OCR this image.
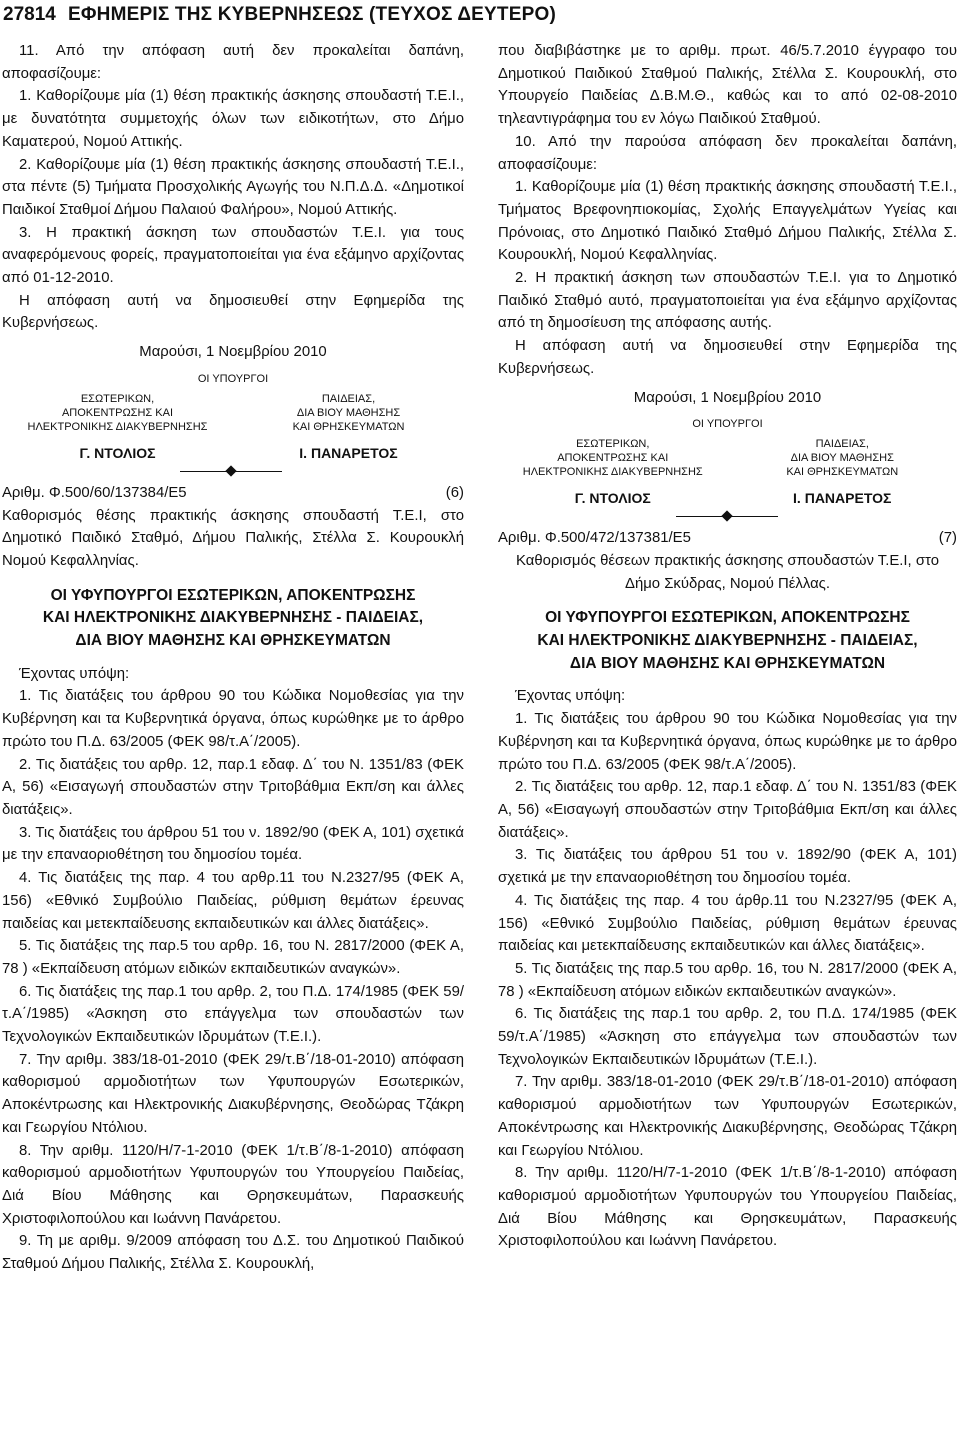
27814 ΕΦΗΜΕΡΙΣ ΤΗΣ ΚΥΒΕΡΝΗΣΕΩΣ (ΤΕΥΧΟΣ ΔΕΥΤΕΡΟ)

11. Από την απόφαση αυτή δεν προκαλείται δαπάνη, αποφασίζουμε:

1. Καθορίζουμε μία (1) θέση πρακτικής άσκησης σπουδαστή Τ.Ε.Ι., με δυνατότητα συμμετοχής όλων των ειδικοτήτων, στο Δήμο Καματερού, Νομού Αττικής.

2. Καθορίζουμε μία (1) θέση πρακτικής άσκησης σπουδαστή Τ.Ε.Ι., στα πέντε (5) Τμήματα Προσχολικής Αγωγής του Ν.Π.Δ.Δ. «Δημοτικοί Παιδικοί Σταθμοί Δήμου Παλαιού Φαλήρου», Νομού Αττικής.

3. Η πρακτική άσκηση των σπουδαστών Τ.Ε.Ι. για τους αναφερόμενους φορείς, πραγματοποιείται για ένα εξάμηνο αρχίζοντας από 01-12-2010.

Η απόφαση αυτή να δημοσιευθεί στην Εφημερίδα της Κυβερνήσεως.

Μαρούσι, 1 Νοεμβρίου 2010
ΟΙ ΥΠΟΥΡΓΟΙ
ΕΣΩΤΕΡΙΚΩΝ,
ΑΠΟΚΕΝΤΡΩΣΗΣ ΚΑΙ
ΗΛΕΚΤΡΟΝΙΚΗΣ ΔΙΑΚΥΒΕΡΝΗΣΗΣ
Γ. ΝΤΟΛΙΟΣ
ΠΑΙΔΕΙΑΣ,
ΔΙΑ ΒΙΟΥ ΜΑΘΗΣΗΣ
ΚΑΙ ΘΡΗΣΚΕΥΜΑΤΩΝ
Ι. ΠΑΝΑΡΕΤΟΣ
Αριθμ. Φ.500/60/137384/Ε5	(6)

Καθορισμός θέσης πρακτικής άσκησης σπουδαστή Τ.Ε.Ι, στο Δημοτικό Παιδικό Σταθμό, Δήμου Παλικής, Στέλλα Σ. Κουρουκλή Νομού Κεφαλληνίας.

ΟΙ ΥΦΥΠΟΥΡΓΟΙ ΕΣΩΤΕΡΙΚΩΝ, ΑΠΟΚΕΝΤΡΩΣΗΣ
ΚΑΙ ΗΛΕΚΤΡΟΝΙΚΗΣ ΔΙΑΚΥΒΕΡΝΗΣΗΣ - ΠΑΙΔΕΙΑΣ,
ΔΙΑ ΒΙΟΥ ΜΑΘΗΣΗΣ ΚΑΙ ΘΡΗΣΚΕΥΜΑΤΩΝ

Έχοντας υπόψη:

1. Τις διατάξεις του άρθρου 90 του Κώδικα Νομοθεσίας για την Κυβέρνηση και τα Κυβερνητικά όργανα, όπως κυρώθηκε με το άρθρο πρώτο του Π.Δ. 63/2005 (ΦΕΚ 98/τ.Α΄/2005).

2. Τις διατάξεις του αρθρ. 12, παρ.1 εδαφ. Δ΄ του Ν. 1351/83 (ΦΕΚ Α, 56) «Εισαγωγή σπουδαστών στην Τριτοβάθμια Εκπ/ση και άλλες διατάξεις».

3. Τις διατάξεις του άρθρου 51 του ν. 1892/90 (ΦΕΚ Α, 101) σχετικά με την επαναοριοθέτηση του δημοσίου τομέα.

4. Τις διατάξεις της παρ. 4 του αρθρ.11 του Ν.2327/95 (ΦΕΚ Α, 156) «Εθνικό Συμβούλιο Παιδείας, ρύθμιση θεμάτων έρευνας παιδείας και μετεκπαίδευσης εκπαιδευτικών και άλλες διατάξεις».

5. Τις διατάξεις της παρ.5 του αρθρ. 16, του Ν. 2817/2000 (ΦΕΚ Α, 78 ) «Εκπαίδευση ατόμων ειδικών εκπαιδευτικών αναγκών».

6. Τις διατάξεις της παρ.1 του αρθρ. 2, του Π.Δ. 174/1985 (ΦΕΚ 59/τ.Α΄/1985) «Άσκηση στο επάγγελμα των σπουδαστών των Τεχνολογικών Εκπαιδευτικών Ιδρυμάτων (Τ.Ε.Ι.).

7. Την αριθμ. 383/18-01-2010 (ΦΕΚ 29/τ.Β΄/18-01-2010) απόφαση καθορισμού αρμοδιοτήτων των Υφυπουργών Εσωτερικών, Αποκέντρωσης και Ηλεκτρονικής Διακυβέρνησης, Θεοδώρας Τζάκρη και Γεωργίου Ντόλιου.

8. Την αριθμ. 1120/Η/7-1-2010 (ΦΕΚ 1/τ.Β΄/8-1-2010) απόφαση καθορισμού αρμοδιοτήτων Υφυπουργών του Υπουργείου Παιδείας, Διά Βίου Μάθησης και Θρησκευμάτων, Παρασκευής Χριστοφιλοπούλου και Ιωάννη Πανάρετου.

9. Τη με αριθμ. 9/2009 απόφαση του Δ.Σ. του Δημοτικού Παιδικού Σταθμού Δήμου Παλικής, Στέλλα Σ. Κουρουκλή,

που διαβιβάστηκε με το αριθμ. πρωτ. 46/5.7.2010 έγγραφο του Δημοτικού Παιδικού Σταθμού Παλικής, Στέλλα Σ. Κουρουκλή, στο Υπουργείο Παιδείας Δ.Β.Μ.Θ., καθώς και το από 02-08-2010 τηλεαντιγράφημα του εν λόγω Παιδικού Σταθμού.

10. Από την παρούσα απόφαση δεν προκαλείται δαπάνη, αποφασίζουμε:

1. Καθορίζουμε μία (1) θέση πρακτικής άσκησης σπουδαστή Τ.Ε.Ι., Τμήματος Βρεφονηπιοκομίας, Σχολής Επαγγελμάτων Υγείας και Πρόνοιας, στο Δημοτικό Παιδικό Σταθμό Δήμου Παλικής, Στέλλα Σ. Κουρουκλή, Νομού Κεφαλληνίας.

2. Η πρακτική άσκηση των σπουδαστών Τ.Ε.Ι. για το Δημοτικό Παιδικό Σταθμό αυτό, πραγματοποιείται για ένα εξάμηνο αρχίζοντας από τη δημοσίευση της απόφασης αυτής.

Η απόφαση αυτή να δημοσιευθεί στην Εφημερίδα της Κυβερνήσεως.

Μαρούσι, 1 Νοεμβρίου 2010
ΟΙ ΥΠΟΥΡΓΟΙ
ΕΣΩΤΕΡΙΚΩΝ,
ΑΠΟΚΕΝΤΡΩΣΗΣ ΚΑΙ
ΗΛΕΚΤΡΟΝΙΚΗΣ ΔΙΑΚΥΒΕΡΝΗΣΗΣ
Γ. ΝΤΟΛΙΟΣ
ΠΑΙΔΕΙΑΣ,
ΔΙΑ ΒΙΟΥ ΜΑΘΗΣΗΣ
ΚΑΙ ΘΡΗΣΚΕΥΜΑΤΩΝ
Ι. ΠΑΝΑΡΕΤΟΣ
Αριθμ. Φ.500/472/137381/Ε5	(7)

Καθορισμός θέσεων πρακτικής άσκησης σπουδαστών Τ.Ε.Ι, στο Δήμο Σκύδρας, Νομού Πέλλας.

ΟΙ ΥΦΥΠΟΥΡΓΟΙ ΕΣΩΤΕΡΙΚΩΝ, ΑΠΟΚΕΝΤΡΩΣΗΣ
ΚΑΙ ΗΛΕΚΤΡΟΝΙΚΗΣ ΔΙΑΚΥΒΕΡΝΗΣΗΣ - ΠΑΙΔΕΙΑΣ,
ΔΙΑ ΒΙΟΥ ΜΑΘΗΣΗΣ ΚΑΙ ΘΡΗΣΚΕΥΜΑΤΩΝ

Έχοντας υπόψη:

1. Τις διατάξεις του άρθρου 90 του Κώδικα Νομοθεσίας για την Κυβέρνηση και τα Κυβερνητικά όργανα, όπως κυρώθηκε με το άρθρο πρώτο του Π.Δ. 63/2005 (ΦΕΚ 98/τ.Α΄/2005).

2. Τις διατάξεις του αρθρ. 12, παρ.1 εδαφ. Δ΄ του Ν. 1351/83 (ΦΕΚ Α, 56) «Εισαγωγή σπουδαστών στην Τριτοβάθμια Εκπ/ση και άλλες διατάξεις».

3. Τις διατάξεις του άρθρου 51 του ν. 1892/90 (ΦΕΚ Α, 101) σχετικά με την επαναοριοθέτηση του δημοσίου τομέα.

4. Τις διατάξεις της παρ. 4 του άρθρ.11 του Ν.2327/95 (ΦΕΚ Α, 156) «Εθνικό Συμβούλιο Παιδείας, ρύθμιση θεμάτων έρευνας παιδείας και μετεκπαίδευσης εκπαιδευτικών και άλλες διατάξεις».

5. Τις διατάξεις της παρ.5 του αρθρ. 16, του Ν. 2817/2000 (ΦΕΚ Α, 78 ) «Εκπαίδευση ατόμων ειδικών εκπαιδευτικών αναγκών».

6. Τις διατάξεις της παρ.1 του αρθρ. 2, του Π.Δ. 174/1985 (ΦΕΚ 59/τ.Α΄/1985) «Άσκηση στο επάγγελμα των σπουδαστών των Τεχνολογικών Εκπαιδευτικών Ιδρυμάτων (Τ.Ε.Ι.).

7. Την αριθμ. 383/18-01-2010 (ΦΕΚ 29/τ.Β΄/18-01-2010) απόφαση καθορισμού αρμοδιοτήτων των Υφυπουργών Εσωτερικών, Αποκέντρωσης και Ηλεκτρονικής Διακυβέρνησης, Θεοδώρας Τζάκρη και Γεωργίου Ντόλιου.

8. Την αριθμ. 1120/Η/7-1-2010 (ΦΕΚ 1/τ.Β΄/8-1-2010) απόφαση καθορισμού αρμοδιοτήτων Υφυπουργών του Υπουργείου Παιδείας, Διά Βίου Μάθησης και Θρησκευμάτων, Παρασκευής Χριστοφιλοπούλου και Ιωάννη Πανάρετου.
